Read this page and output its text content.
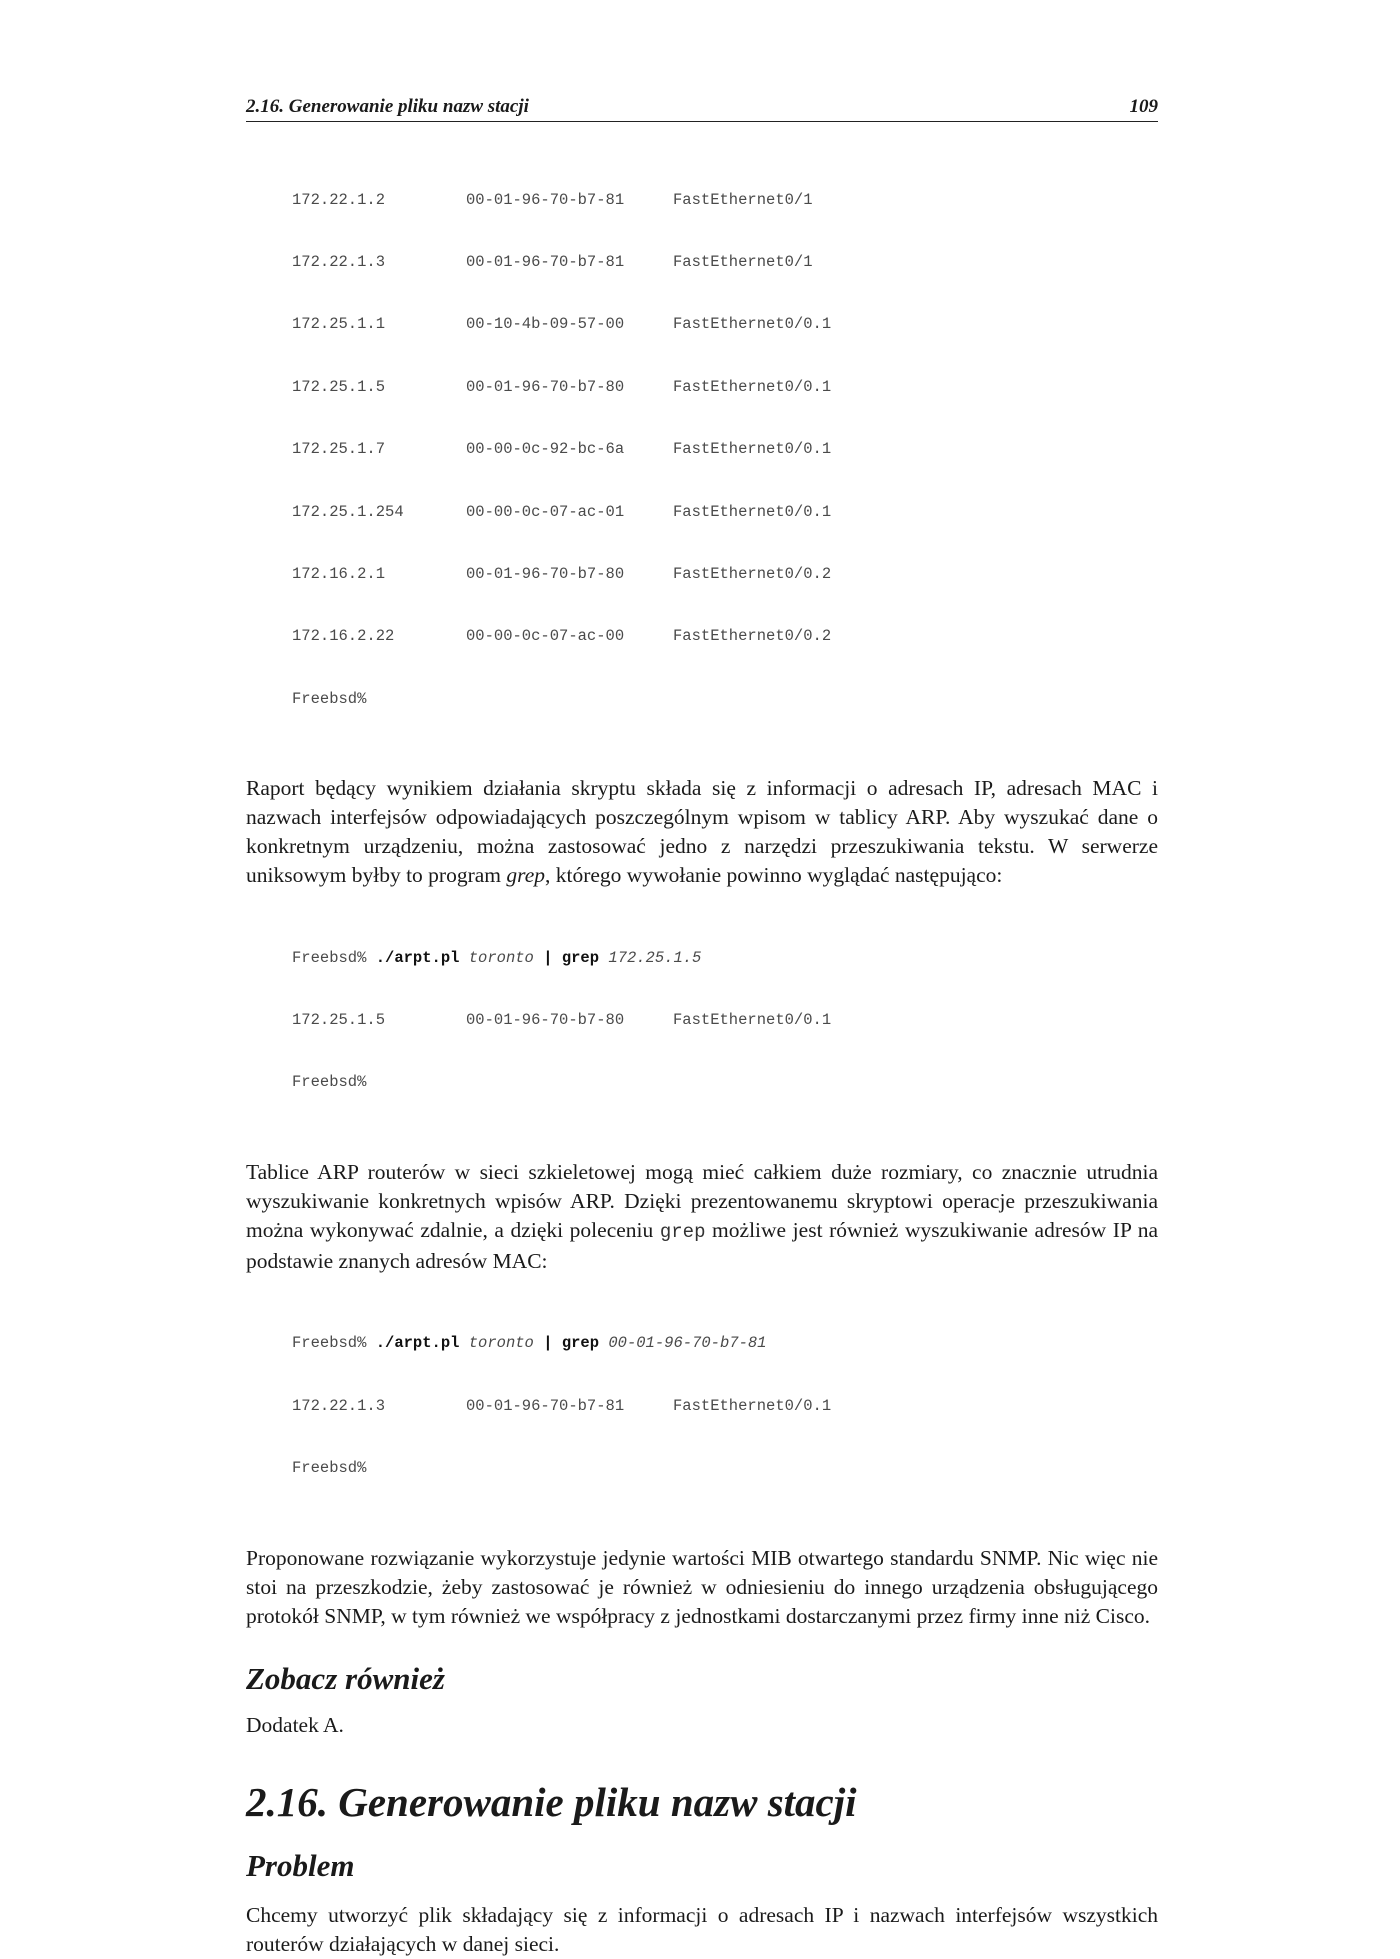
2.16. Generowanie pliku nazw stacji	109

172.22.1.2	00-01-96-70-b7-81	FastEthernet0/1

172.22.1.3	00-01-96-70-b7-81	FastEthernet0/1

172.25.1.1	00-10-4b-09-57-00	FastEthernet0/0.1

172.25.1.5	00-01-96-70-b7-80	FastEthernet0/0.1

172.25.1.7	00-00-0c-92-bc-6a	FastEthernet0/0.1

172.25.1.254	00-00-0c-07-ac-01	FastEthernet0/0.1

172.16.2.1	00-01-96-70-b7-80	FastEthernet0/0.2

172.16.2.22	00-00-0c-07-ac-00	FastEthernet0/0.2

Freebsd%

Raport będący wynikiem działania skryptu składa się z informacji o adresach IP, adresach MAC i nazwach interfejsów odpowiadających poszczególnym wpisom w tablicy ARP. Aby wyszukać dane o konkretnym urządzeniu, można zastosować jedno z narzędzi przeszukiwania tekstu. W serwerze uniksowym byłby to program grep, którego wywołanie powinno wyglądać następująco:

Freebsd% ./arpt.pl toronto | grep 172.25.1.5

172.25.1.5	00-01-96-70-b7-80	FastEthernet0/0.1

Freebsd%

Tablice ARP routerów w sieci szkieletowej mogą mieć całkiem duże rozmiary, co znacznie utrudnia wyszukiwanie konkretnych wpisów ARP. Dzięki prezentowanemu skryptowi operacje przeszukiwania można wykonywać zdalnie, a dzięki poleceniu grep możliwe jest również wyszukiwanie adresów IP na podstawie znanych adresów MAC:

Freebsd% ./arpt.pl toronto | grep 00-01-96-70-b7-81

172.22.1.3	00-01-96-70-b7-81	FastEthernet0/0.1

Freebsd%

Proponowane rozwiązanie wykorzystuje jedynie wartości MIB otwartego standardu SNMP. Nic więc nie stoi na przeszkodzie, żeby zastosować je również w odniesieniu do innego urządzenia obsługującego protokół SNMP, w tym również we współpracy z jednostkami dostarczanymi przez firmy inne niż Cisco.

Zobacz również

Dodatek A.

2.16. Generowanie pliku nazw stacji
Problem

Chcemy utworzyć plik składający się z informacji o adresach IP i nazwach interfejsów wszystkich routerów działających w danej sieci.
